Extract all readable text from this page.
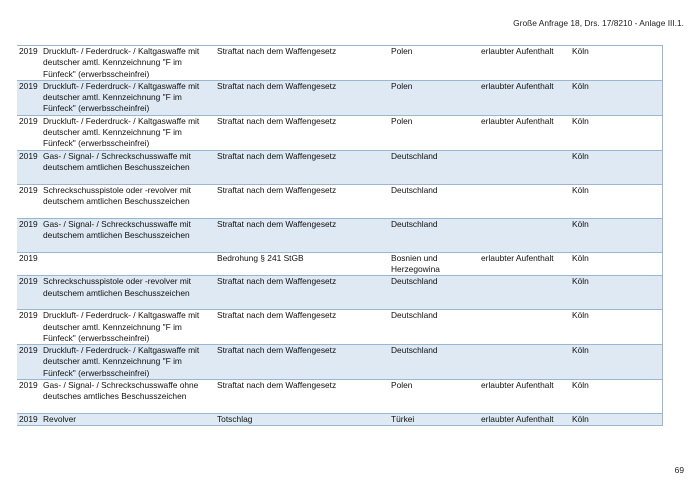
Große Anfrage 18, Drs. 17/8210 - Anlage III.1.
2019	Druckluft- / Federdruck- / Kaltgaswaffe mit deutscher amtl. Kennzeichnung "F im Fünfeck" (erwerbsscheinfrei)	Straftat nach dem Waffengesetz	Polen	erlaubter Aufenthalt	Köln
2019	Druckluft- / Federdruck- / Kaltgaswaffe mit deutscher amtl. Kennzeichnung "F im Fünfeck" (erwerbsscheinfrei)	Straftat nach dem Waffengesetz	Polen	erlaubter Aufenthalt	Köln
2019	Druckluft- / Federdruck- / Kaltgaswaffe mit deutscher amtl. Kennzeichnung "F im Fünfeck" (erwerbsscheinfrei)	Straftat nach dem Waffengesetz	Polen	erlaubter Aufenthalt	Köln
2019	Gas- / Signal- / Schreckschusswaffe mit deutschem amtlichen Beschusszeichen	Straftat nach dem Waffengesetz	Deutschland		Köln
2019	Schreckschusspistole oder -revolver mit deutschem amtlichen Beschusszeichen	Straftat nach dem Waffengesetz	Deutschland		Köln
2019	Gas- / Signal- / Schreckschusswaffe mit deutschem amtlichen Beschusszeichen	Straftat nach dem Waffengesetz	Deutschland		Köln
2019		Bedrohung § 241 StGB	Bosnien und Herzegowina	erlaubter Aufenthalt	Köln
2019	Schreckschusspistole oder -revolver mit deutschem amtlichen Beschusszeichen	Straftat nach dem Waffengesetz	Deutschland		Köln
2019	Druckluft- / Federdruck- / Kaltgaswaffe mit deutscher amtl. Kennzeichnung "F im Fünfeck" (erwerbsscheinfrei)	Straftat nach dem Waffengesetz	Deutschland		Köln
2019	Druckluft- / Federdruck- / Kaltgaswaffe mit deutscher amtl. Kennzeichnung "F im Fünfeck" (erwerbsscheinfrei)	Straftat nach dem Waffengesetz	Deutschland		Köln
2019	Gas- / Signal- / Schreckschusswaffe ohne deutsches amtliches Beschusszeichen	Straftat nach dem Waffengesetz	Polen	erlaubter Aufenthalt	Köln
2019	Revolver	Totschlag	Türkei	erlaubter Aufenthalt	Köln
69
